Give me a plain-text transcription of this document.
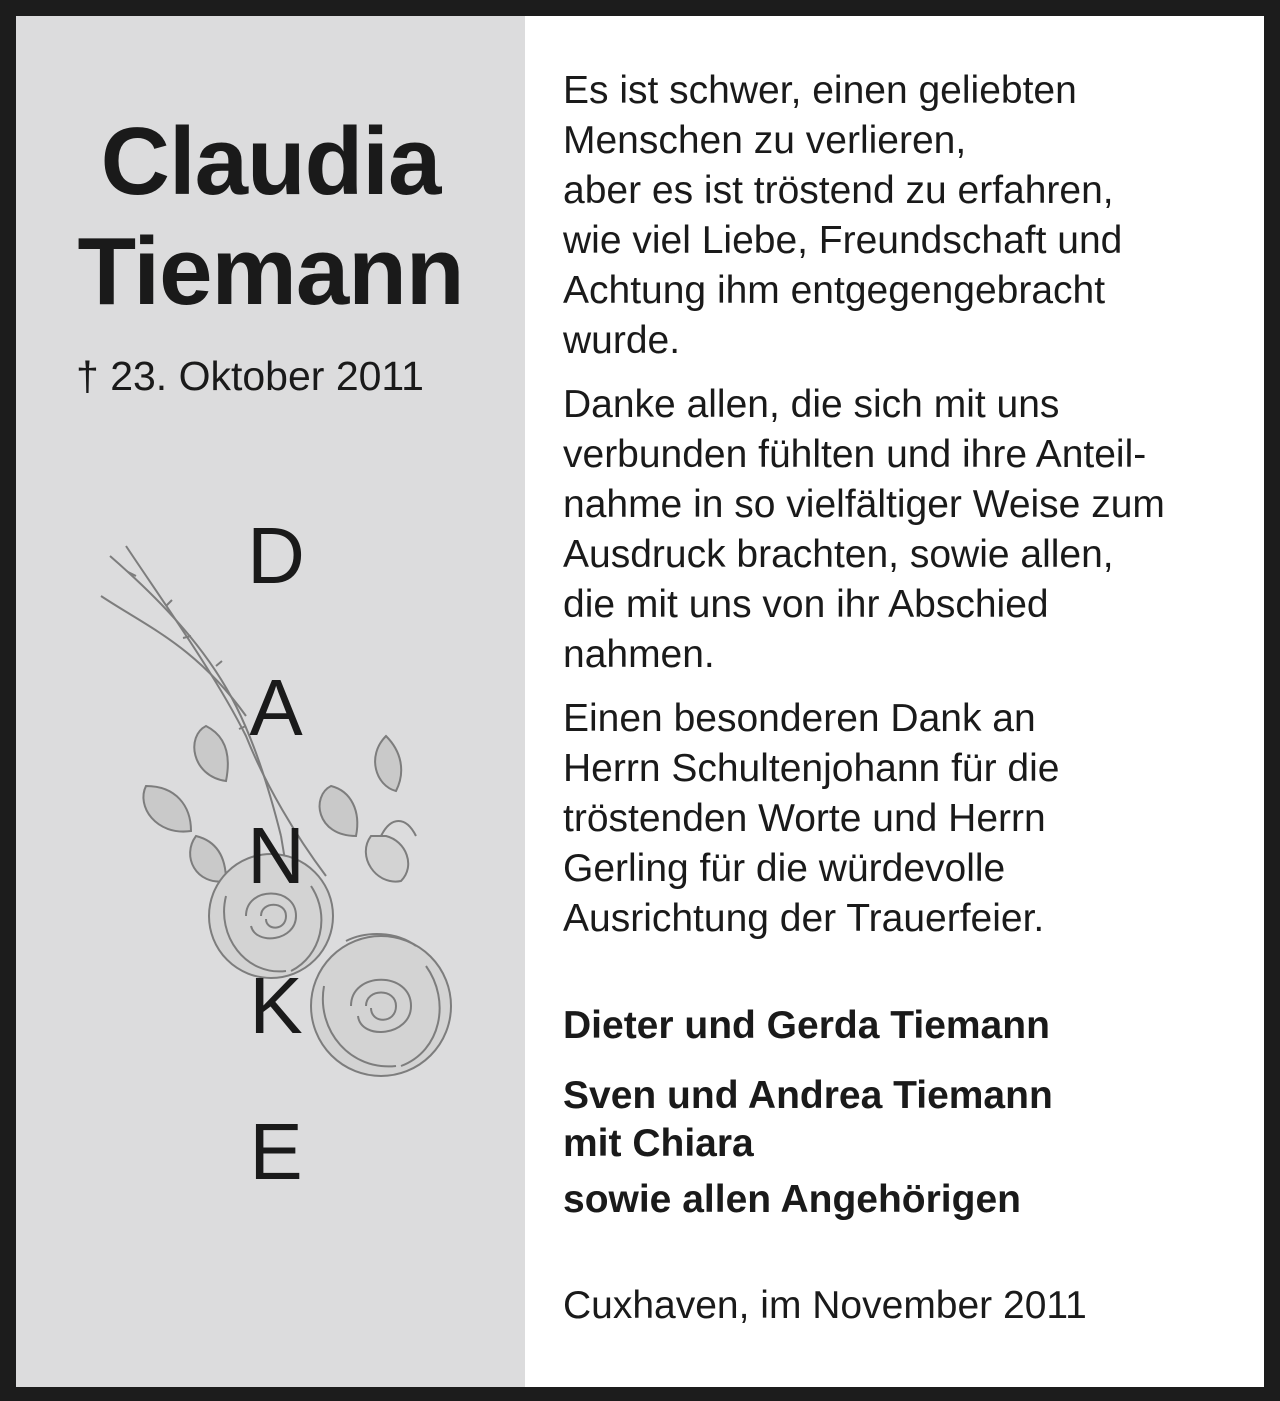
Claudia
Tiemann
† 23. Oktober 2011
D
A
N
K
E
Es ist schwer, einen geliebten
Menschen zu verlieren,
aber es ist tröstend zu erfahren,
wie viel Liebe, Freundschaft und
Achtung ihm entgegengebracht
wurde.
Danke allen, die sich mit uns
verbunden fühlten und ihre Anteil-
nahme in so vielfältiger Weise zum
Ausdruck brachten, sowie allen,
die mit uns von ihr Abschied
nahmen.
Einen besonderen Dank an
Herrn Schultenjohann für die
tröstenden Worte und Herrn
Gerling für die würdevolle
Ausrichtung der Trauerfeier.
Dieter und Gerda Tiemann
Sven und Andrea Tiemann
mit Chiara
sowie allen Angehörigen
Cuxhaven, im November 2011
